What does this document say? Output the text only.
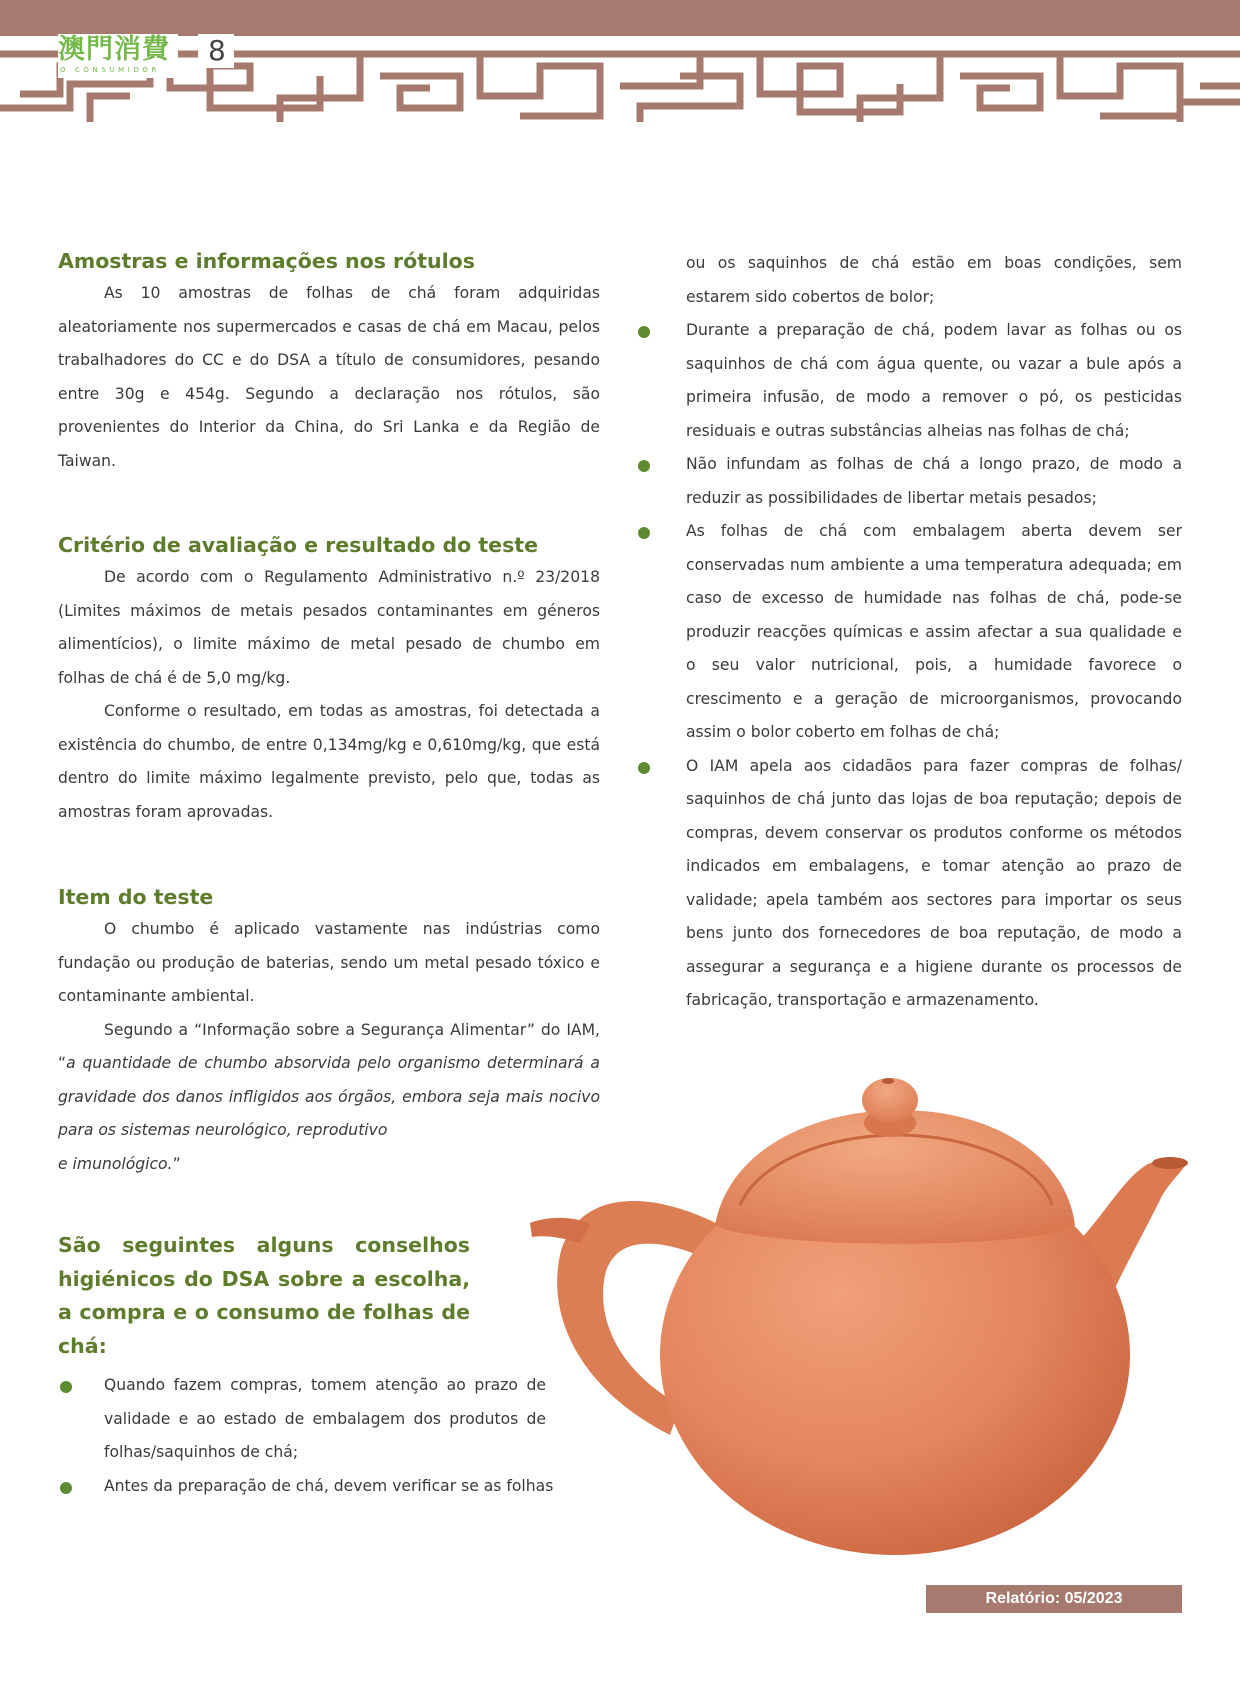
澳門消費
O CONSUMIDOR
8
Amostras e informações nos rótulos

As 10 amostras de folhas de chá foram adquiridas aleatoriamente nos supermercados e casas de chá em Macau, pelos trabalhadores do CC e do DSA a título de consumidores, pesando entre 30g e 454g. Segundo a declaração nos rótulos, são provenientes do Interior da China, do Sri Lanka e da Região de Taiwan.

Critério de avaliação e resultado do teste

De acordo com o Regulamento Administrativo n.º 23/2018 (Limites máximos de metais pesados contaminantes em géneros alimentícios), o limite máximo de metal pesado de chumbo em folhas de chá é de 5,0 mg/kg.

Conforme o resultado, em todas as amostras, foi detectada a existência do chumbo, de entre 0,134mg/kg e 0,610mg/kg, que está dentro do limite máximo legalmente previsto, pelo que, todas as amostras foram aprovadas.

Item do teste

O chumbo é aplicado vastamente nas indústrias como fundação ou produção de baterias, sendo um metal pesado tóxico e contaminante ambiental.

Segundo a “Informação sobre a Segurança Alimentar” do IAM, “a quantidade de chumbo absorvida pelo organismo determinará a gravidade dos danos infligidos aos órgãos, embora seja mais nocivo para os sistemas neurológico, reprodutivo
e imunológico.”

São seguintes alguns conselhos higiénicos do DSA sobre a escolha, a compra e o consumo de folhas de chá:
Quando fazem compras, tomem atenção ao prazo de validade e ao estado de embalagem dos produtos de folhas/saquinhos de chá;
Antes da preparação de chá, devem verificar se as folhas

ou os saquinhos de chá estão em boas condições, sem estarem sido cobertos de bolor;

Durante a preparação de chá, podem lavar as folhas ou os saquinhos de chá com água quente, ou vazar a bule após a primeira infusão, de modo a remover o pó, os pesticidas residuais e outras substâncias alheias nas folhas de chá;
Não infundam as folhas de chá a longo prazo, de modo a reduzir as possibilidades de libertar metais pesados;
As folhas de chá com embalagem aberta devem ser conservadas num ambiente a uma temperatura adequada; em caso de excesso de humidade nas folhas de chá, pode-se produzir reacções químicas e assim afectar a sua qualidade e o seu valor nutricional, pois, a humidade favorece o crescimento e a geração de microorganismos, provocando assim o bolor coberto em folhas de chá;
O IAM apela aos cidadãos para fazer compras de folhas/ saquinhos de chá junto das lojas de boa reputação; depois de compras, devem conservar os produtos conforme os métodos indicados em embalagens, e tomar atenção ao prazo de validade; apela também aos sectores para importar os seus bens junto dos fornecedores de boa reputação, de modo a assegurar a segurança e a higiene durante os processos de fabricação, transportação e armazenamento.
Relatório: 05/2023
